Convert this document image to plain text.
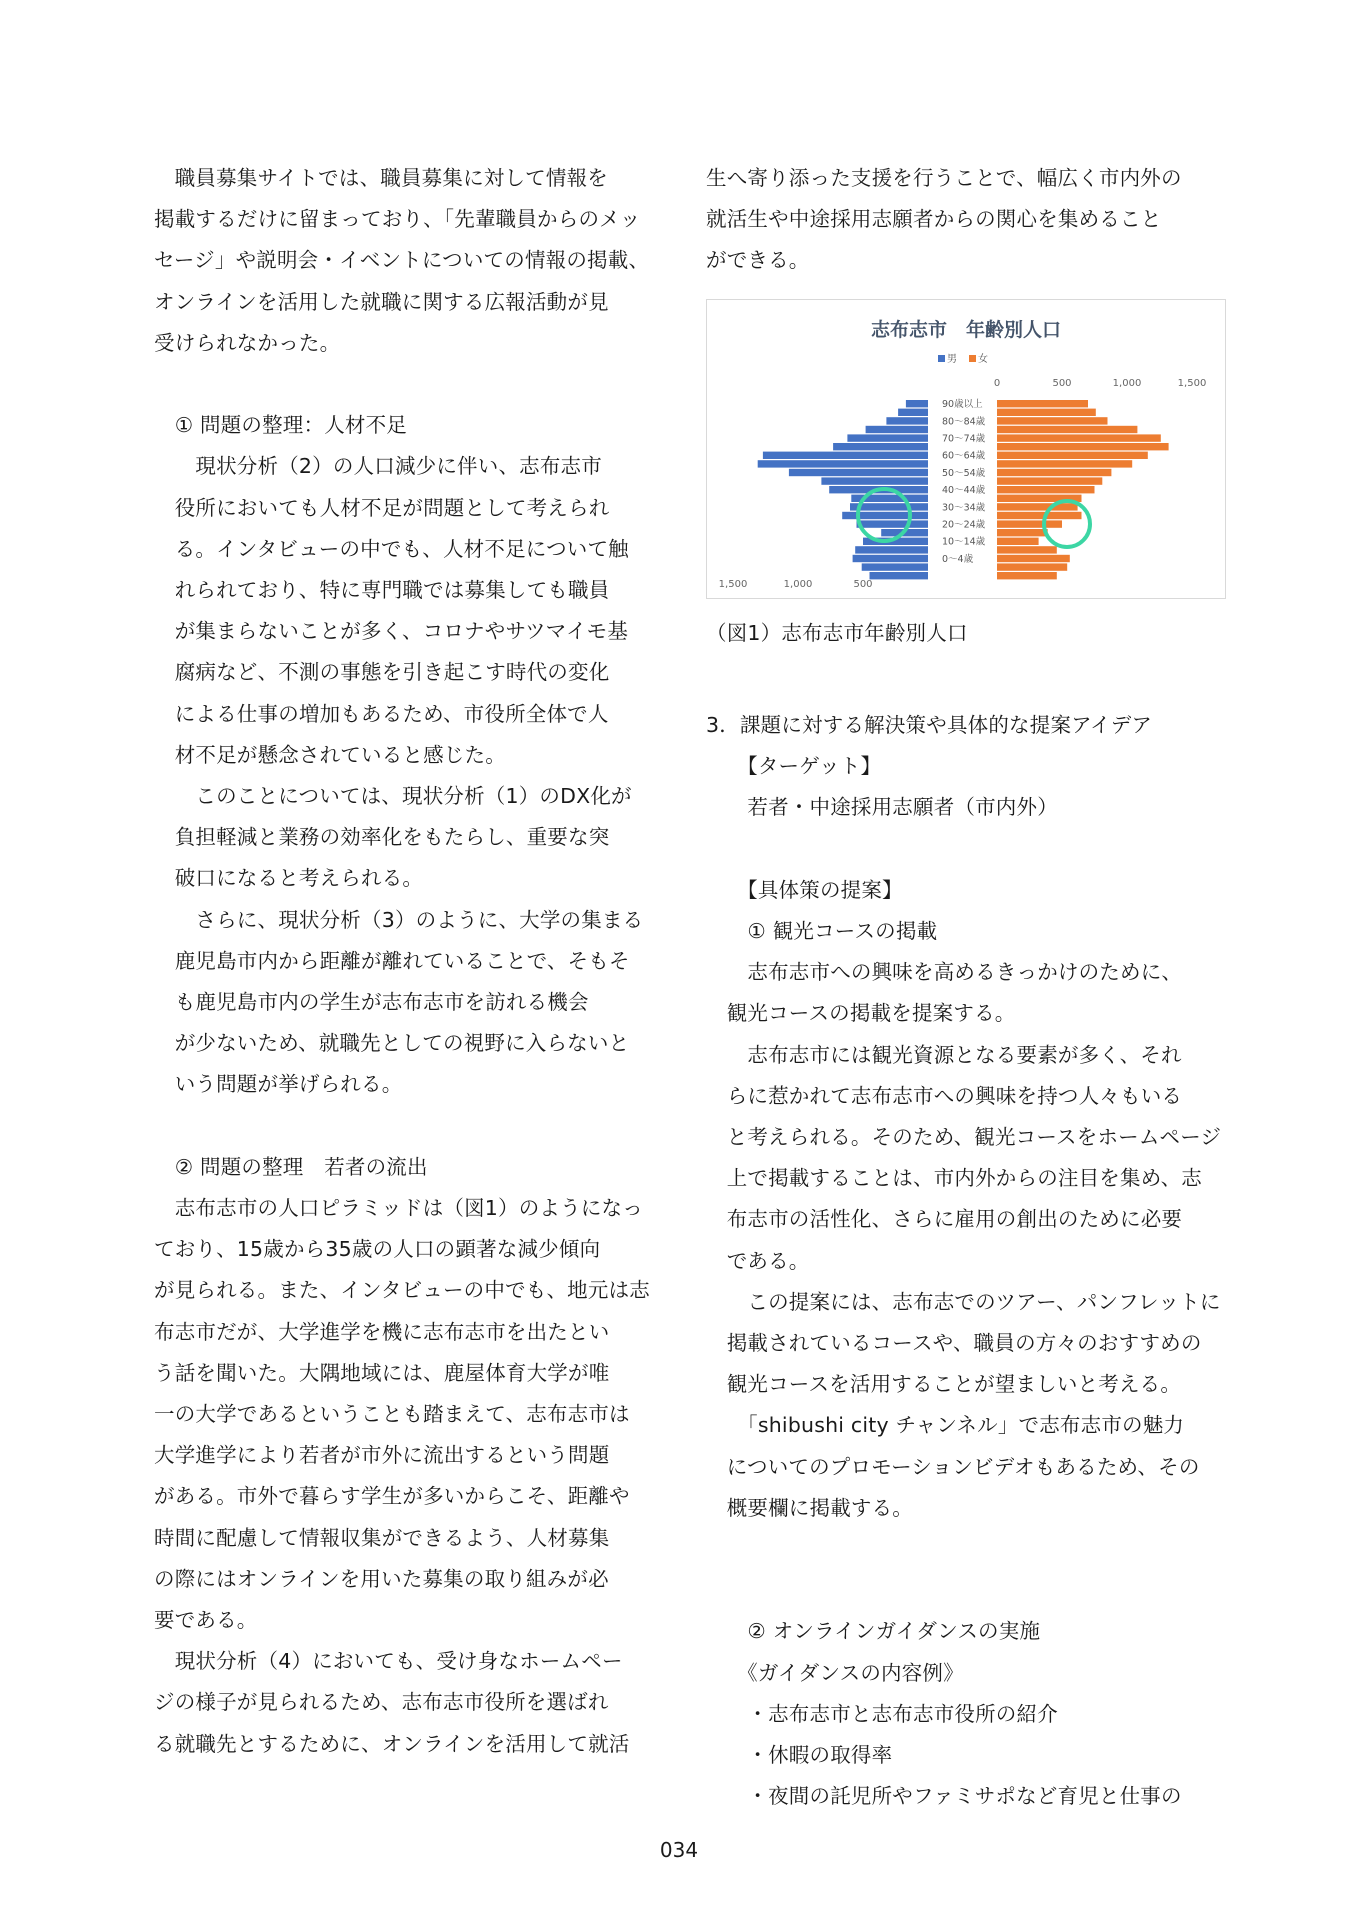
　職員募集サイトでは、職員募集に対して情報を
掲載するだけに留まっており、「先輩職員からのメッ
セージ」や説明会・イベントについての情報の掲載、
オンラインを活用した就職に関する広報活動が見
受けられなかった。
　① 問題の整理：人材不足
　　現状分析（2）の人口減少に伴い、志布志市
　役所においても人材不足が問題として考えられ
　る。インタビューの中でも、人材不足について触
　れられており、特に専門職では募集しても職員
　が集まらないことが多く、コロナやサツマイモ基
　腐病など、不測の事態を引き起こす時代の変化
　による仕事の増加もあるため、市役所全体で人
　材不足が懸念されていると感じた。
　　このことについては、現状分析（1）のDX化が
　負担軽減と業務の効率化をもたらし、重要な突
　破口になると考えられる。
　　さらに、現状分析（3）のように、大学の集まる
　鹿児島市内から距離が離れていることで、そもそ
　も鹿児島市内の学生が志布志市を訪れる機会
　が少ないため、就職先としての視野に入らないと
　いう問題が挙げられる。
　② 問題の整理　若者の流出
　志布志市の人口ピラミッドは（図1）のようになっ
ており、15歳から35歳の人口の顕著な減少傾向
が見られる。また、インタビューの中でも、地元は志
布志市だが、大学進学を機に志布志市を出たとい
う話を聞いた。大隅地域には、鹿屋体育大学が唯
一の大学であるということも踏まえて、志布志市は
大学進学により若者が市外に流出するという問題
がある。市外で暮らす学生が多いからこそ、距離や
時間に配慮して情報収集ができるよう、人材募集
の際にはオンラインを用いた募集の取り組みが必
要である。
　現状分析（4）においても、受け身なホームペー
ジの様子が見られるため、志布志市役所を選ばれ
る就職先とするために、オンラインを活用して就活
生へ寄り添った支援を行うことで、幅広く市内外の
就活生や中途採用志願者からの関心を集めること
ができる。
志布志市　年齢別人口
男 女
0	500	1,000	1,500
1,500	1,000	500
90歳以上
80〜84歳
70〜74歳
60〜64歳
50〜54歳
40〜44歳
30〜34歳
20〜24歳
10〜14歳
0〜4歳
（図1）志布志市年齢別人口
3．課題に対する解決策や具体的な提案アイデア
　　【ターゲット】
　　若者・中途採用志願者（市内外）
　　【具体策の提案】
　　① 観光コースの掲載
　　志布志市への興味を高めるきっかけのために、
　観光コースの掲載を提案する。
　　志布志市には観光資源となる要素が多く、それ
　らに惹かれて志布志市への興味を持つ人々もいる
　と考えられる。そのため、観光コースをホームページ
　上で掲載することは、市内外からの注目を集め、志
　布志市の活性化、さらに雇用の創出のために必要
　である。
　　この提案には、志布志でのツアー、パンフレットに
　掲載されているコースや、職員の方々のおすすめの
　観光コースを活用することが望ましいと考える。
　　「shibushi city チャンネル」で志布志市の魅力
　についてのプロモーションビデオもあるため、その
　概要欄に掲載する。
　　② オンラインガイダンスの実施
　　《ガイダンスの内容例》
　　・志布志市と志布志市役所の紹介
　　・休暇の取得率
　　・夜間の託児所やファミサポなど育児と仕事の
034
